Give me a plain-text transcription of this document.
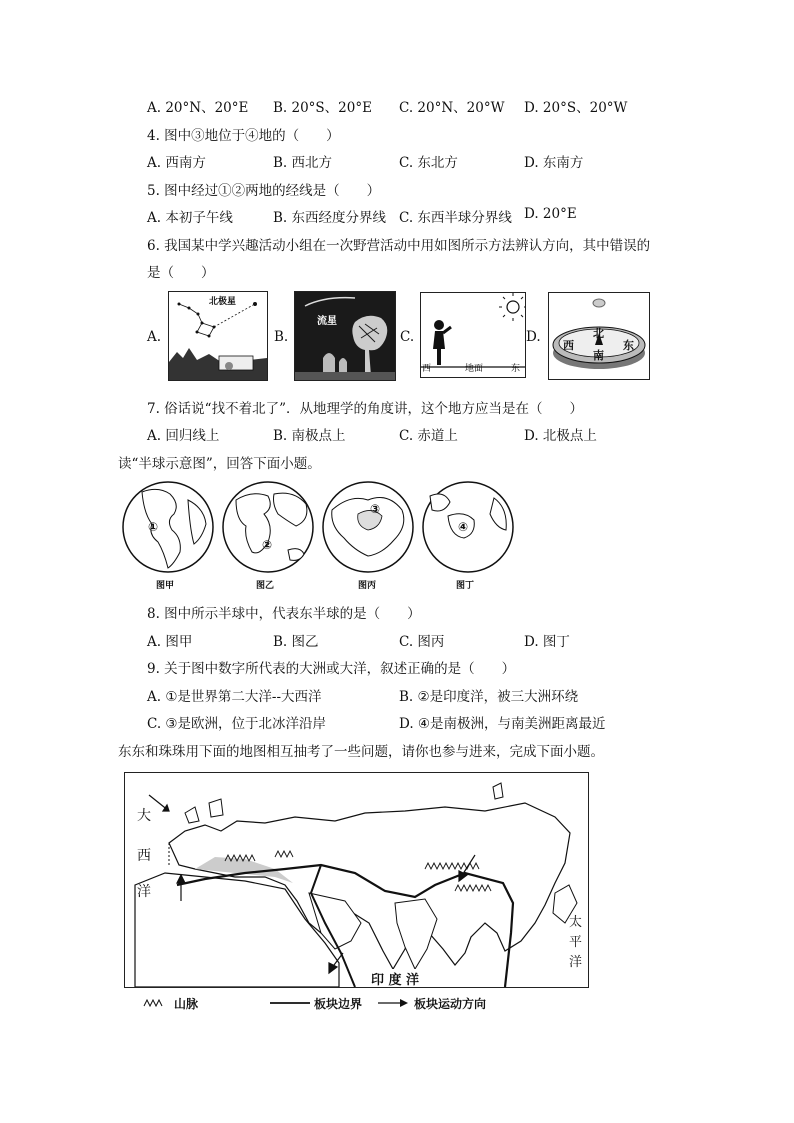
A. 20°N、20°E B. 20°S、20°E C. 20°N、20°W D. 20°S、20°W
4. 图中③地位于④地的（　　）
A. 西南方	B. 西北方	C. 东北方	D. 东南方
5. 图中经过①②两地的经线是（　　）
A. 本初子午线	B. 东西经度分界线 C. 东西半球分界线 D. 20°E
6. 我国某中学兴趣活动小组在一次野营活动中用如图所示方法辨认方向，其中错误的
是（　　）
A.
北极星
B.
流星
C.
西	地面	东
D.	北
南
西	东
7. 俗话说“找不着北了”．从地理学的角度讲，这个地方应当是在（　　）
A. 回归线上	B. 南极点上	C. 赤道上	D. 北极点上
读“半球示意图”，回答下面小题。
①
②
③
④
图甲	图乙	图丙	图丁
8. 图中所示半球中，代表东半球的是（　　）
A. 图甲	B. 图乙	C. 图丙	D. 图丁
9. 关于图中数字所代表的大洲或大洋，叙述正确的是（　　）
A. ①是世界第二大洋--大西洋	B. ②是印度洋，被三大洲环绕
C. ③是欧洲，位于北冰洋沿岸	D. ④是南极洲，与南美洲距离最近
东东和珠珠用下面的地图相互抽考了一些问题，请你也参与进来，完成下面小题。
大
西
洋
太
平
洋
印 度 洋
山脉	板块边界	板块运动方向
